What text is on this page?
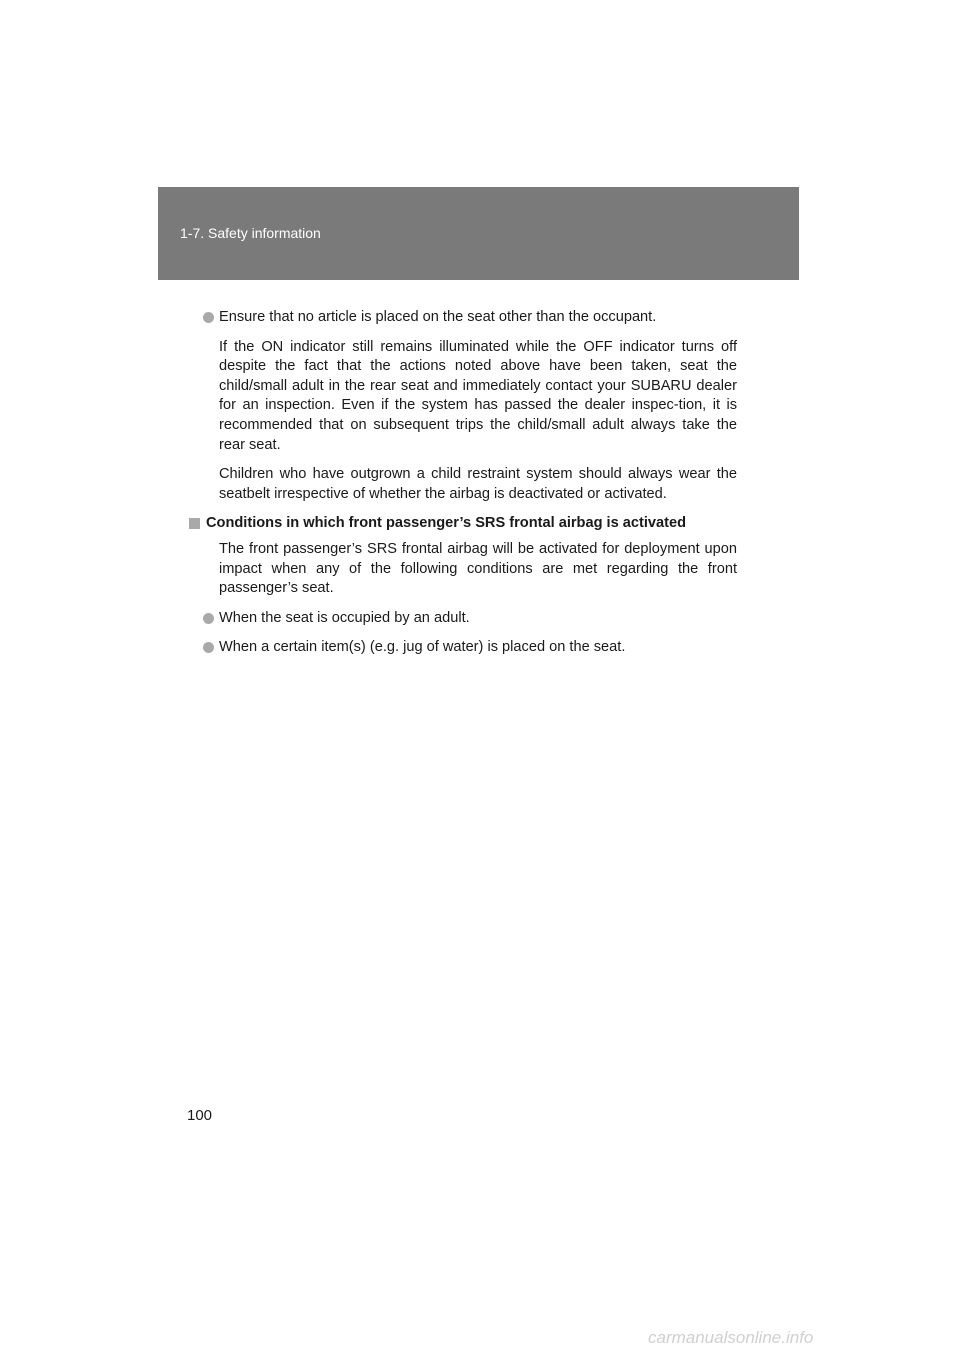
1-7. Safety information
Ensure that no article is placed on the seat other than the occupant.
If the ON indicator still remains illuminated while the OFF indicator turns off despite the fact that the actions noted above have been taken, seat the child/small adult in the rear seat and immediately contact your SUBARU dealer for an inspection. Even if the system has passed the dealer inspec-tion, it is recommended that on subsequent trips the child/small adult always take the rear seat.
Children who have outgrown a child restraint system should always wear the seatbelt irrespective of whether the airbag is deactivated or activated.
Conditions in which front passenger’s SRS frontal airbag is activated
The front passenger’s SRS frontal airbag will be activated for deployment upon impact when any of the following conditions are met regarding the front passenger’s seat.
When the seat is occupied by an adult.
When a certain item(s) (e.g. jug of water) is placed on the seat.
100
carmanualsonline.info
